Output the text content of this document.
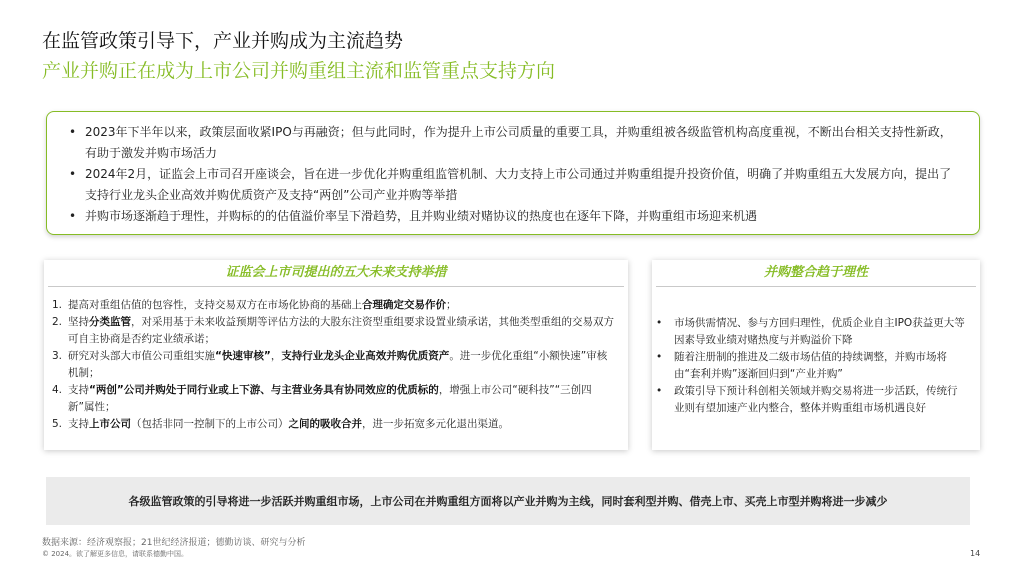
在监管政策引导下，产业并购成为主流趋势
产业并购正在成为上市公司并购重组主流和监管重点支持方向
• 2023年下半年以来，政策层面收紧IPO与再融资；但与此同时，作为提升上市公司质量的重要工具，并购重组被各级监管机构高度重视，不断出台相关支持性新政，有助于激发并购市场活力
• 2024年2月，证监会上市司召开座谈会，旨在进一步优化并购重组监管机制、大力支持上市公司通过并购重组提升投资价值，明确了并购重组五大发展方向，提出了支持行业龙头企业高效并购优质资产及支持“两创”公司产业并购等举措
• 并购市场逐渐趋于理性，并购标的的估值溢价率呈下滑趋势，且并购业绩对赌协议的热度也在逐年下降，并购重组市场迎来机遇
证监会上市司提出的五大未来支持举措
1. 提高对重组估值的包容性，支持交易双方在市场化协商的基础上合理确定交易作价；
2. 坚持分类监管，对采用基于未来收益预期等评估方法的大股东注资型重组要求设置业绩承诺，其他类型重组的交易双方可自主协商是否约定业绩承诺；
3. 研究对头部大市值公司重组实施“快速审核”，支持行业龙头企业高效并购优质资产。进一步优化重组“小额快速”审核机制；
4. 支持“两创”公司并购处于同行业或上下游、与主营业务具有协同效应的优质标的，增强上市公司“硬科技”“三创四新”属性；
5. 支持上市公司（包括非同一控制下的上市公司）之间的吸收合并，进一步拓宽多元化退出渠道。
并购整合趋于理性
• 市场供需情况、参与方回归理性，优质企业自主IPO获益更大等因素导致业绩对赌热度与并购溢价下降
• 随着注册制的推进及二级市场估值的持续调整，并购市场将由“套利并购”逐渐回归到“产业并购”
• 政策引导下预计科创相关领域并购交易将进一步活跃，传统行业则有望加速产业内整合，整体并购重组市场机遇良好
各级监管政策的引导将进一步活跃并购重组市场，上市公司在并购重组方面将以产业并购为主线，同时套利型并购、借壳上市、买壳上市型并购将进一步减少
数据来源：经济观察报；21世纪经济报道；德勤访谈、研究与分析
© 2024。欲了解更多信息，请联系德勤中国。	14
